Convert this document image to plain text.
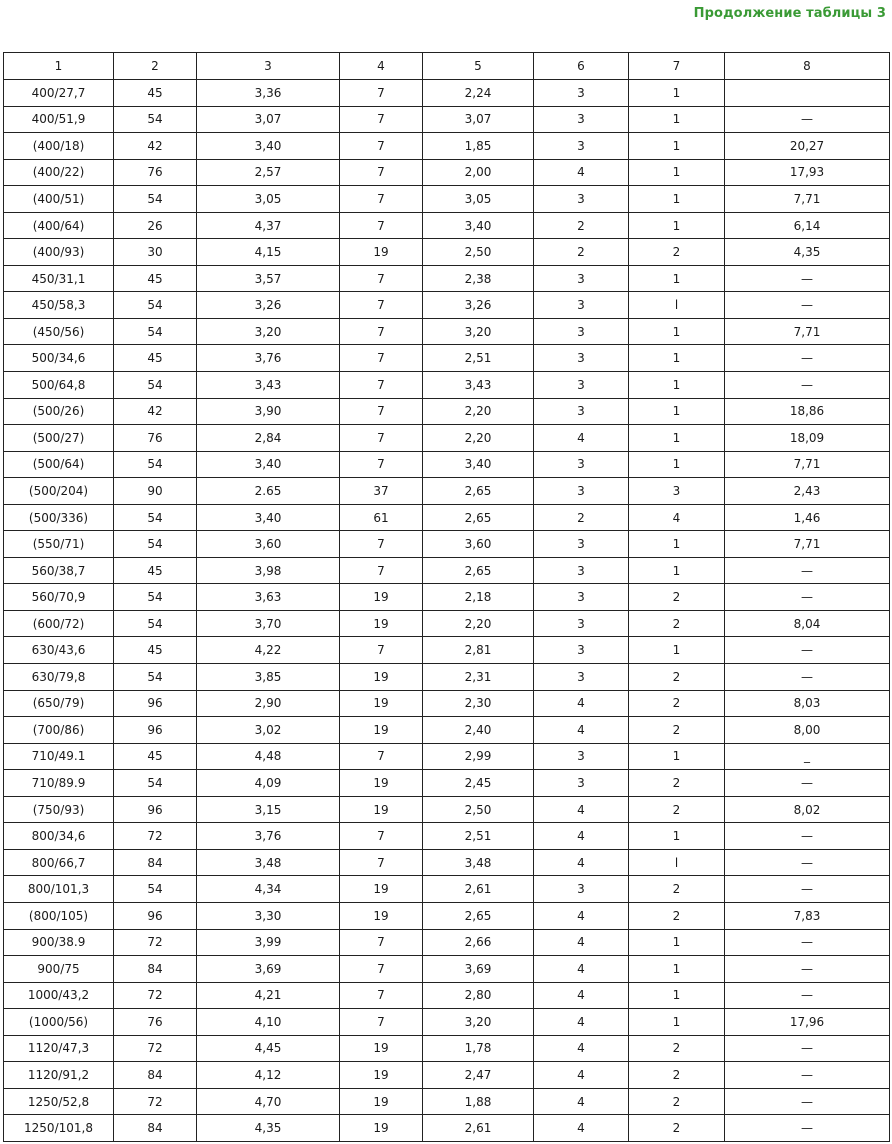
Продолжение таблицы 3
1	2	3	4	5	6	7	8
400/27,7	45	3,36	7	2,24	3	1	
400/51,9	54	3,07	7	3,07	3	1	—
(400/18)	42	3,40	7	1,85	3	1	20,27
(400/22)	76	2,57	7	2,00	4	1	17,93
(400/51)	54	3,05	7	3,05	3	1	7,71
(400/64)	26	4,37	7	3,40	2	1	6,14
(400/93)	30	4,15	19	2,50	2	2	4,35
450/31,1	45	3,57	7	2,38	3	1	—
450/58,3	54	3,26	7	3,26	3	l	—
(450/56)	54	3,20	7	3,20	3	1	7,71
500/34,6	45	3,76	7	2,51	3	1	—
500/64,8	54	3,43	7	3,43	3	1	—
(500/26)	42	3,90	7	2,20	3	1	18,86
(500/27)	76	2,84	7	2,20	4	1	18,09
(500/64)	54	3,40	7	3,40	3	1	7,71
(500/204)	90	2.65	37	2,65	3	3	2,43
(500/336)	54	3,40	61	2,65	2	4	1,46
(550/71)	54	3,60	7	3,60	3	1	7,71
560/38,7	45	3,98	7	2,65	3	1	—
560/70,9	54	3,63	19	2,18	3	2	—
(600/72)	54	3,70	19	2,20	3	2	8,04
630/43,6	45	4,22	7	2,81	3	1	—
630/79,8	54	3,85	19	2,31	3	2	—
(650/79)	96	2,90	19	2,30	4	2	8,03
(700/86)	96	3,02	19	2,40	4	2	8,00
710/49.1	45	4,48	7	2,99	3	1	_
710/89.9	54	4,09	19	2,45	3	2	—
(750/93)	96	3,15	19	2,50	4	2	8,02
800/34,6	72	3,76	7	2,51	4	1	—
800/66,7	84	3,48	7	3,48	4	l	—
800/101,3	54	4,34	19	2,61	3	2	—
(800/105)	96	3,30	19	2,65	4	2	7,83
900/38.9	72	3,99	7	2,66	4	1	—
900/75	84	3,69	7	3,69	4	1	—
1000/43,2	72	4,21	7	2,80	4	1	—
(1000/56)	76	4,10	7	3,20	4	1	17,96
1120/47,3	72	4,45	19	1,78	4	2	—
1120/91,2	84	4,12	19	2,47	4	2	—
1250/52,8	72	4,70	19	1,88	4	2	—
1250/101,8	84	4,35	19	2,61	4	2	—
